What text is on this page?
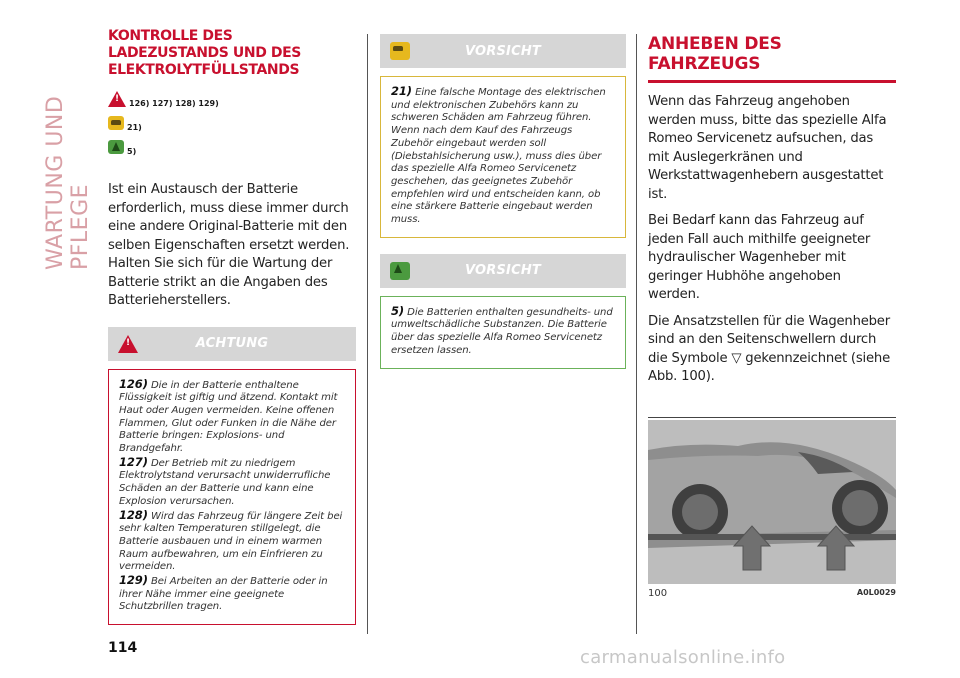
WARTUNG UND PFLEGE
KONTROLLE DES LADEZUSTANDS UND DES ELEKTROLYTFÜLLSTANDS
!
126) 127) 128) 129)
21)
5)

Ist ein Austausch der Batterie erforderlich, muss diese immer durch eine andere Original-Batterie mit den selben Eigenschaften ersetzt werden. Halten Sie sich für die Wartung der Batterie strikt an die Angaben des Batterieherstellers.

!
ACHTUNG

126) Die in der Batterie enthaltene Flüssigkeit ist giftig und ätzend. Kontakt mit Haut oder Augen vermeiden. Keine offenen Flammen, Glut oder Funken in die Nähe der Batterie bringen: Explosions- und Brandgefahr.

127) Der Betrieb mit zu niedrigem Elektrolytstand verursacht unwiderrufliche Schäden an der Batterie und kann eine Explosion verursachen.

128) Wird das Fahrzeug für längere Zeit bei sehr kalten Temperaturen stillgelegt, die Batterie ausbauen und in einem warmen Raum aufbewahren, um ein Einfrieren zu vermeiden.

129) Bei Arbeiten an der Batterie oder in ihrer Nähe immer eine geeignete Schutzbrillen tragen.

VORSICHT

21) Eine falsche Montage des elektrischen und elektronischen Zubehörs kann zu schweren Schäden am Fahrzeug führen. Wenn nach dem Kauf des Fahrzeugs Zubehör eingebaut werden soll (Diebstahlsicherung usw.), muss dies über das spezielle Alfa Romeo Servicenetz geschehen, das geeignetes Zubehör empfehlen wird und entscheiden kann, ob eine stärkere Batterie eingebaut werden muss.

VORSICHT

5) Die Batterien enthalten gesundheits- und umweltschädliche Substanzen. Die Batterie über das spezielle Alfa Romeo Servicenetz ersetzen lassen.

ANHEBEN DES FAHRZEUGS

Wenn das Fahrzeug angehoben werden muss, bitte das spezielle Alfa Romeo Servicenetz aufsuchen, das mit Auslegerkränen und Werkstattwagenhebern ausgestattet ist.

Bei Bedarf kann das Fahrzeug auf jeden Fall auch mithilfe geeigneter hydraulischer Wagenheber mit geringer Hubhöhe angehoben werden.

Die Ansatzstellen für die Wagenheber sind an den Seitenschwellern durch die Symbole ▽ gekennzeichnet (siehe Abb. 100).

100	A0L0029
114	carmanualsonline.info
